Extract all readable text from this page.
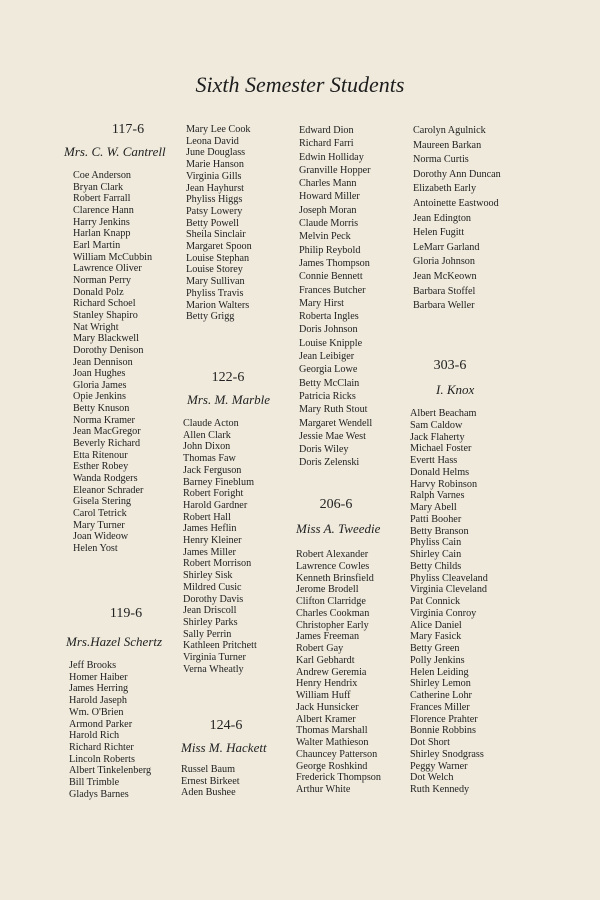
Sixth Semester Students
117-6
Mrs. C. W. Cantrell
Coe Anderson
Bryan Clark
Robert Farrall
Clarence Hann
Harry Jenkins
Harlan Knapp
Earl Martin
William McCubbin
Lawrence Oliver
Norman Perry
Donald Polz
Richard Schoel
Stanley Shapiro
Nat Wright
Mary Blackwell
Dorothy Denison
Jean Dennison
Joan Hughes
Gloria James
Opie Jenkins
Betty Knuson
Norma Kramer
Jean MacGregor
Beverly Richard
Etta Ritenour
Esther Robey
Wanda Rodgers
Eleanor Schrader
Gisela Stering
Carol Tetrick
Mary Turner
Joan Wideow
Helen Yost
119-6
Mrs.Hazel Schertz
Jeff Brooks
Homer Haiber
James Herring
Harold Jaseph
Wm. O'Brien
Armond Parker
Harold Rich
Richard Richter
Lincoln Roberts
Albert Tinkelenberg
Bill Trimble
Gladys Barnes
Mary Lee Cook
Leona David
June Douglass
Marie Hanson
Virginia Gills
Jean Hayhurst
Phyliss Higgs
Patsy Lowery
Betty Powell
Sheila Sinclair
Margaret Spoon
Louise Stephan
Louise Storey
Mary Sullivan
Phyliss Travis
Marion Walters
Betty Grigg
122-6
Mrs. M. Marble
Claude Acton
Allen Clark
John Dixon
Thomas Faw
Jack Ferguson
Barney Fineblum
Robert Foright
Harold Gardner
Robert Hall
James Heflin
Henry Kleiner
James Miller
Robert Morrison
Shirley Sisk
Mildred Cusic
Dorothy Davis
Jean Driscoll
Shirley Parks
Sally Perrin
Kathleen Pritchett
Virginia Turner
Verna Wheatly
124-6
Miss M. Hackett
Russel Baum
Ernest Birkeet
Aden Bushee
Edward Dion
Richard Farri
Edwin Holliday
Granville Hopper
Charles Mann
Howard Miller
Joseph Moran
Claude Morris
Melvin Peck
Philip Reybold
James Thompson
Connie Bennett
Frances Butcher
Mary Hirst
Roberta Ingles
Doris Johnson
Louise Knipple
Jean Leibiger
Georgia Lowe
Betty McClain
Patricia Ricks
Mary Ruth Stout
Margaret Wendell
Jessie Mae West
Doris Wiley
Doris Zelenski
206-6
Miss A. Tweedie
Robert Alexander
Lawrence Cowles
Kenneth Brinsfield
Jerome Brodell
Clifton Clarridge
Charles Cookman
Christopher Early
James Freeman
Robert Gay
Karl Gebhardt
Andrew Geremia
Henry Hendrix
William Huff
Jack Hunsicker
Albert Kramer
Thomas Marshall
Walter Mathieson
Chauncey Patterson
George Roshkind
Frederick Thompson
Arthur White
Carolyn Agulnick
Maureen Barkan
Norma Curtis
Dorothy Ann Duncan
Elizabeth Early
Antoinette Eastwood
Jean Edington
Helen Fugitt
LeMarr Garland
Gloria Johnson
Jean McKeown
Barbara Stoffel
Barbara Weller
303-6
I. Knox
Albert Beacham
Sam Caldow
Jack Flaherty
Michael Foster
Evertt Hass
Donald Helms
Harvy Robinson
Ralph Varnes
Mary Abell
Patti Booher
Betty Branson
Phyliss Cain
Shirley Cain
Betty Childs
Phyliss Cleaveland
Virginia Cleveland
Pat Connick
Virginia Conroy
Alice Daniel
Mary Fasick
Betty Green
Polly Jenkins
Helen Leiding
Shirley Lemon
Catherine Lohr
Frances Miller
Florence Prahter
Bonnie Robbins
Dot Short
Shirley Snodgrass
Peggy Warner
Dot Welch
Ruth Kennedy
